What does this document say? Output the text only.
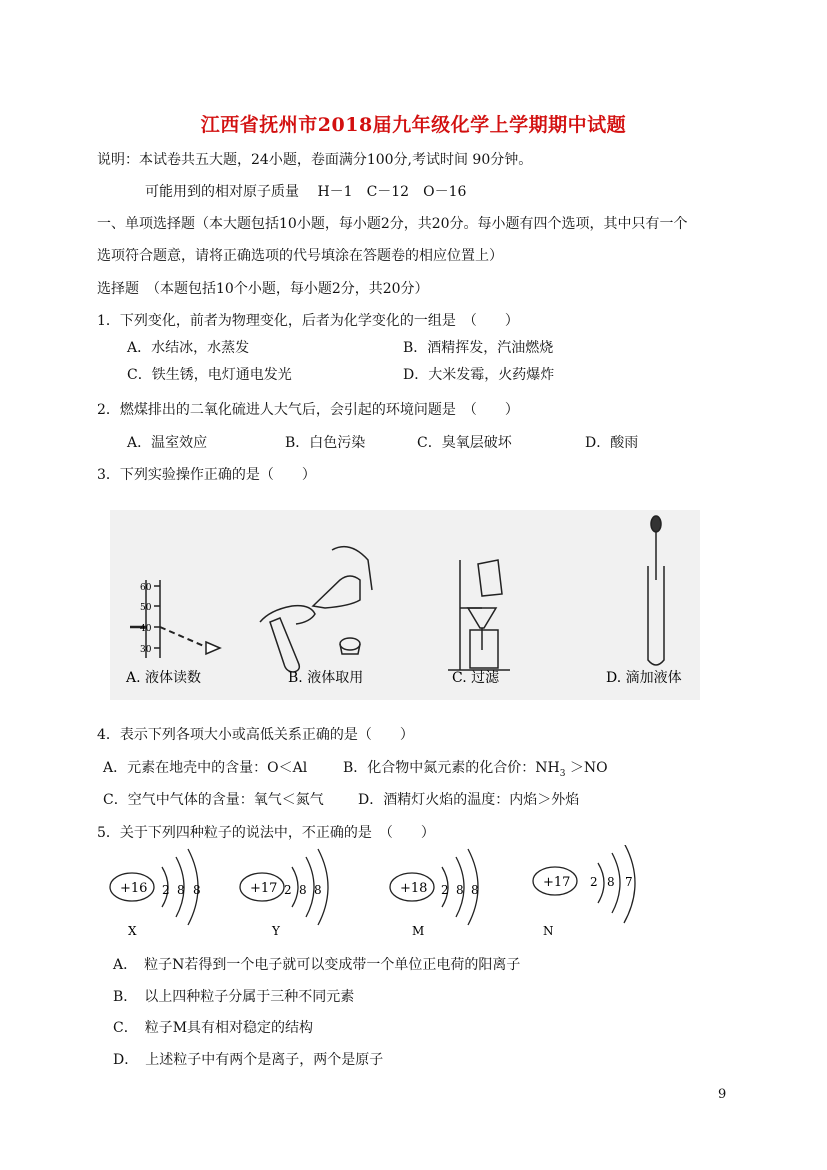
江西省抚州市2018届九年级化学上学期期中试题
说明：本试卷共五大题，24小题，卷面满分100分,考试时间 90分钟。
可能用到的相对原子质量　 H－1　C－12　O－16
一、单项选择题（本大题包括10小题，每小题2分，共20分。每小题有四个选项，其中只有一个
选项符合题意，请将正确选项的代号填涂在答题卷的相应位置上）
选择题　（本题包括10个小题，每小题2分，共20分）
1．下列变化，前者为物理变化，后者为化学变化的一组是　（　　）
A．水结冰，水蒸发	B．酒精挥发，汽油燃烧
C．铁生锈，电灯通电发光	D．大米发霉，火药爆炸
2．燃煤排出的二氧化硫进人大气后，会引起的环境问题是　（　　）
A．温室效应	B．白色污染	C．臭氧层破坏	D．酸雨
3．下列实验操作正确的是（　　）
60
50
40
30
A. 液体读数	B. 液体取用	C. 过滤	D. 滴加液体
4．表示下列各项大小或高低关系正确的是（　　）
A．元素在地壳中的含量：O＜Al	B．化合物中氮元素的化合价：$NH_3 >NO$
C．空气中气体的含量：氧气＜氮气 D．酒精灯火焰的温度：内焰＞外焰
5．关于下列四种粒子的说法中，不正确的是　（　　）
+16 2 8 8
X
+17 2 8 8
Y
+18 2 8 8
M
+17 2 8 7
N
A．　粒子N若得到一个电子就可以变成带一个单位正电荷的阳离子
B．　以上四种粒子分属于三种不同元素
C．　粒子M具有相对稳定的结构
D．　上述粒子中有两个是离子，两个是原子
9
